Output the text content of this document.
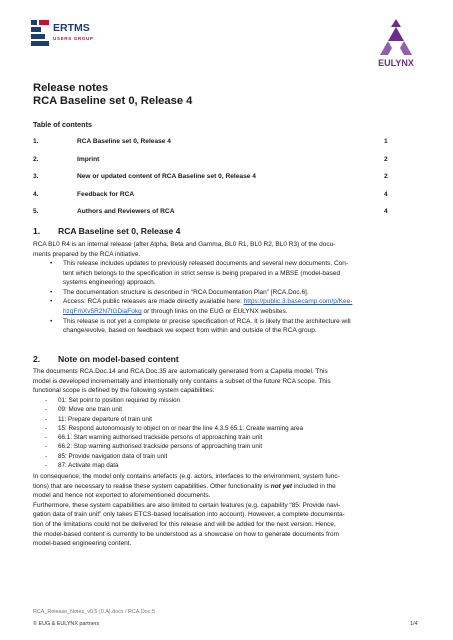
ERTMS
USERS GROUP
EULYNX
Release notes
RCA Baseline set 0, Release 4
Table of contents
1.	RCA Baseline set 0, Release 4	1
2.	Imprint	2
3.	New or updated content of RCA Baseline set 0, Release 4	2
4.	Feedback for RCA	4
5.	Authors and Reviewers of RCA	4
1. RCA Baseline set 0, Release 4
RCA BL0 R4 is an internal release (after Alpha, Beta and Gamma, BL0 R1, BL0 R2, BL0 R3) of the docu-
ments prepared by the RCA initiative.
• This release includes updates to previously released documents and several new documents. Con-
tent which belongs to the specification in strict sense is being prepared in a MBSE (model-based
systems engineering) approach.
• The documentation structure is described in “RCA Documentation Plan” [RCA.Doc.6].
• Access: RCA public releases are made directly available here: https://public.3.basecamp.com/p/Kee-
hzqFmXv5R2N7tGDiaFokg or through links on the EUG or EULYNX websites.
• This release is not yet a complete or precise specification of RCA. It is likely that the architecture will
change/evolve, based on feedback we expect from within and outside of the RCA group.
2. Note on model-based content
The documents RCA.Doc.14 and RCA.Doc.35 are automatically generated from a Capella model. This
model is developed incrementally and intentionally only contains a subset of the future RCA scope. This
functional scope is defined by the following system capabilities:
- 01: Set point to position required by mission
- 09: Move one train unit
- 11: Prepare departure of train unit
- 15: Respond autonomously to object on or near the line 4.3.5 65.1: Create warning area
- 66.1: Start warning authorised trackside persons of approaching train unit
- 66.2: Stop warning authorised trackside persons of approaching train unit
- 85: Provide navigation data of train unit
- 87: Activate map data
In consequence, the model only contains artefacts (e.g. actors, interfaces to the environment, system func-
tions) that are necessary to realise these system capabilities. Other functionality is not yet included in the
model and hence not exported to aforementioned documents.
Furthermore, these system capabilities are also limited to certain features (e.g. capability “85: Provide navi-
gation data of train unit” only takes ETCS-based localisation into account). However, a complete documenta-
tion of the limitations could not be delivered for this release and will be added for the next version. Hence,
the model-based content is currently to be understood as a showcase on how to generate documents from
model-based engineering content.
RCA_Release_Notes_v0.5 (0.A).docx / RCA.Doc.5
© EUG & EULYNX partners	1/4
